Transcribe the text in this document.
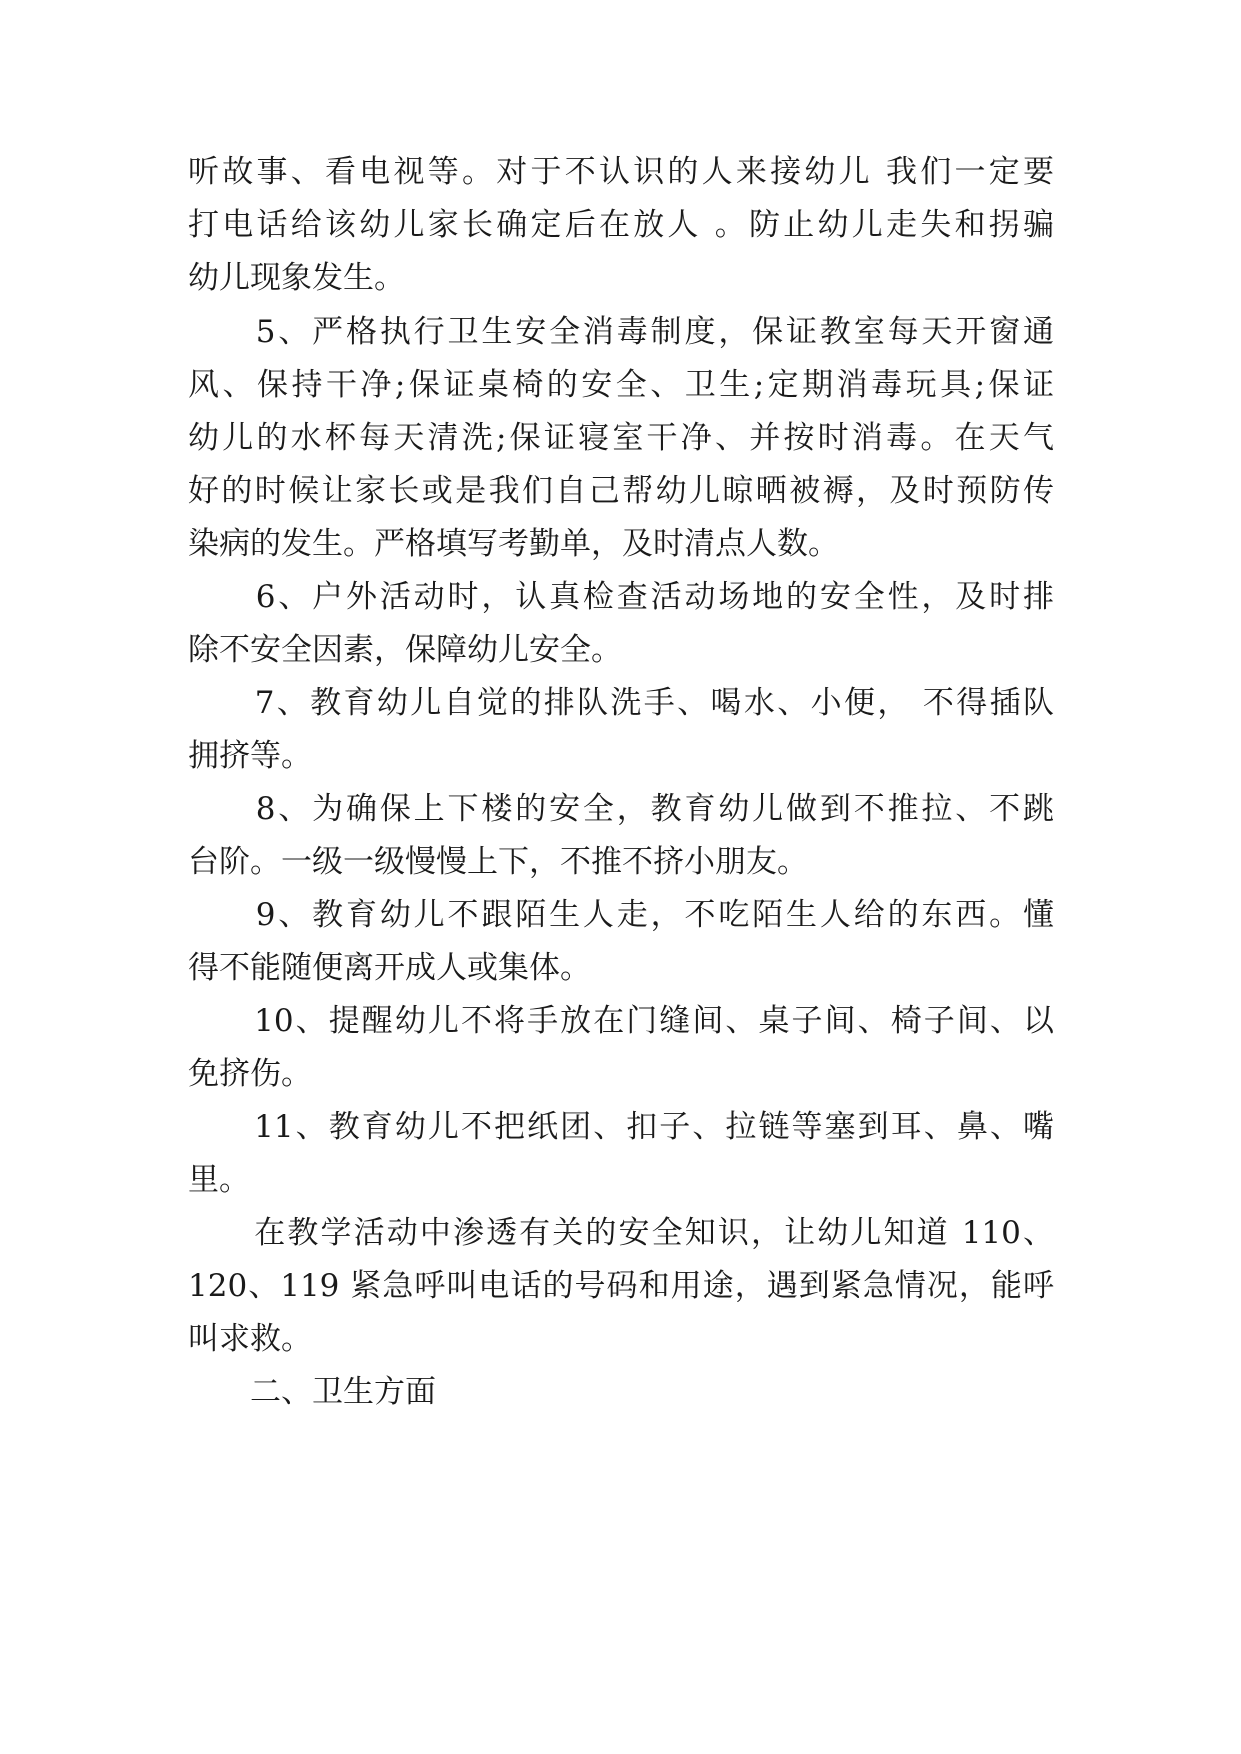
听故事、看电视等。对于不认识的人来接幼儿 我们一定要

打电话给该幼儿家长确定后在放人 。防止幼儿走失和拐骗

幼儿现象发生。

　　5、严格执行卫生安全消毒制度，保证教室每天开窗通

风、保持干净;保证桌椅的安全、卫生;定期消毒玩具;保证

幼儿的水杯每天清洗;保证寝室干净、并按时消毒。在天气

好的时候让家长或是我们自己帮幼儿晾晒被褥，及时预防传

染病的发生。严格填写考勤单，及时清点人数。

　　6、户外活动时，认真检查活动场地的安全性，及时排

除不安全因素，保障幼儿安全。

　　7、教育幼儿自觉的排队洗手、喝水、小便， 不得插队

拥挤等。

　　8、为确保上下楼的安全，教育幼儿做到不推拉、不跳

台阶。一级一级慢慢上下，不推不挤小朋友。

　　9、教育幼儿不跟陌生人走，不吃陌生人给的东西。懂

得不能随便离开成人或集体。

　　10、提醒幼儿不将手放在门缝间、桌子间、椅子间、以

免挤伤。

　　11、教育幼儿不把纸团、扣子、拉链等塞到耳、鼻、嘴

里。

　　在教学活动中渗透有关的安全知识，让幼儿知道 110、

120、119 紧急呼叫电话的号码和用途，遇到紧急情况，能呼

叫求救。

　　二、卫生方面
